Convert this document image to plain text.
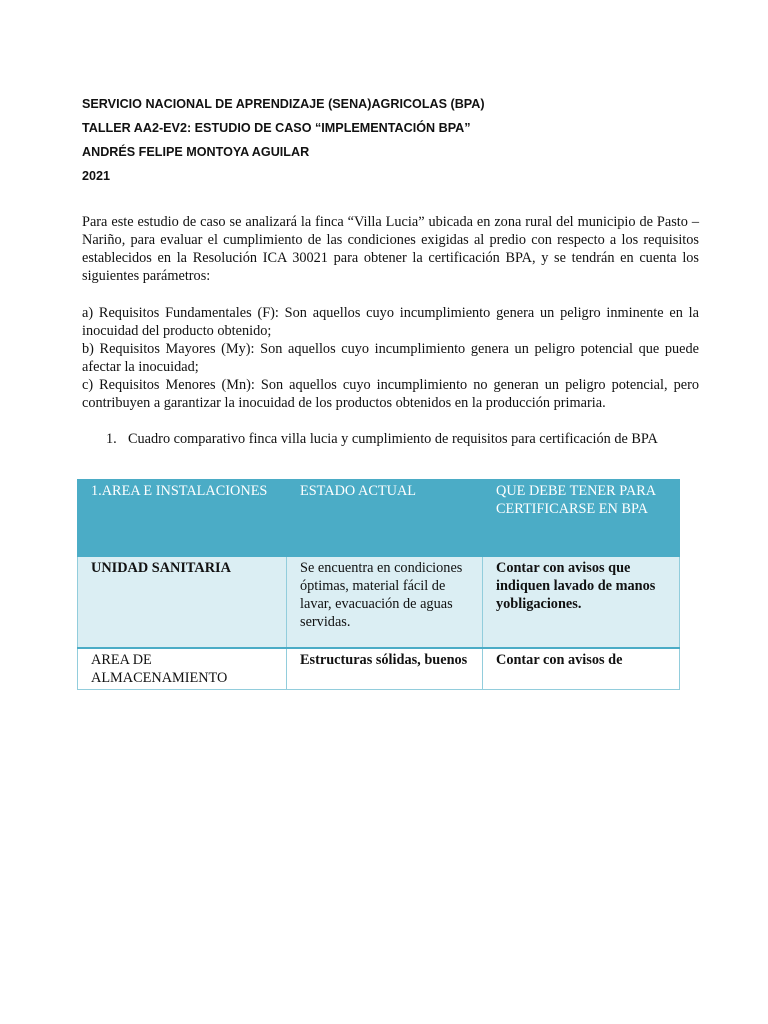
SERVICIO NACIONAL DE APRENDIZAJE (SENA)AGRICOLAS (BPA)
TALLER AA2-EV2: ESTUDIO DE CASO “IMPLEMENTACIÓN BPA”
ANDRÉS FELIPE MONTOYA AGUILAR
2021
Para este estudio de caso se analizará la finca “Villa Lucia” ubicada en zona rural del municipio de Pasto – Nariño, para evaluar el cumplimiento de las condiciones exigidas al predio con respecto a los requisitos establecidos en la Resolución ICA 30021 para obtener la certificación BPA, y se tendrán en cuenta los siguientes parámetros:
a) Requisitos Fundamentales (F): Son aquellos cuyo incumplimiento genera un peligro inminente en la inocuidad del producto obtenido;
b) Requisitos Mayores (My): Son aquellos cuyo incumplimiento genera un peligro potencial que puede afectar la inocuidad;
c) Requisitos Menores (Mn): Son aquellos cuyo incumplimiento no generan un peligro potencial, pero contribuyen a garantizar la inocuidad de los productos obtenidos en la producción primaria.
1. Cuadro comparativo finca villa lucia y cumplimiento de requisitos para certificación de BPA
1.AREA E INSTALACIONES	ESTADO ACTUAL	QUE DEBE TENER PARA CERTIFICARSE EN BPA
UNIDAD SANITARIA	Se encuentra en condiciones óptimas, material fácil de lavar, evacuación de aguas servidas.	Contar con avisos que indiquen lavado de manos yobligaciones.
AREA DE ALMACENAMIENTO	Estructuras sólidas, buenos	Contar con avisos de
